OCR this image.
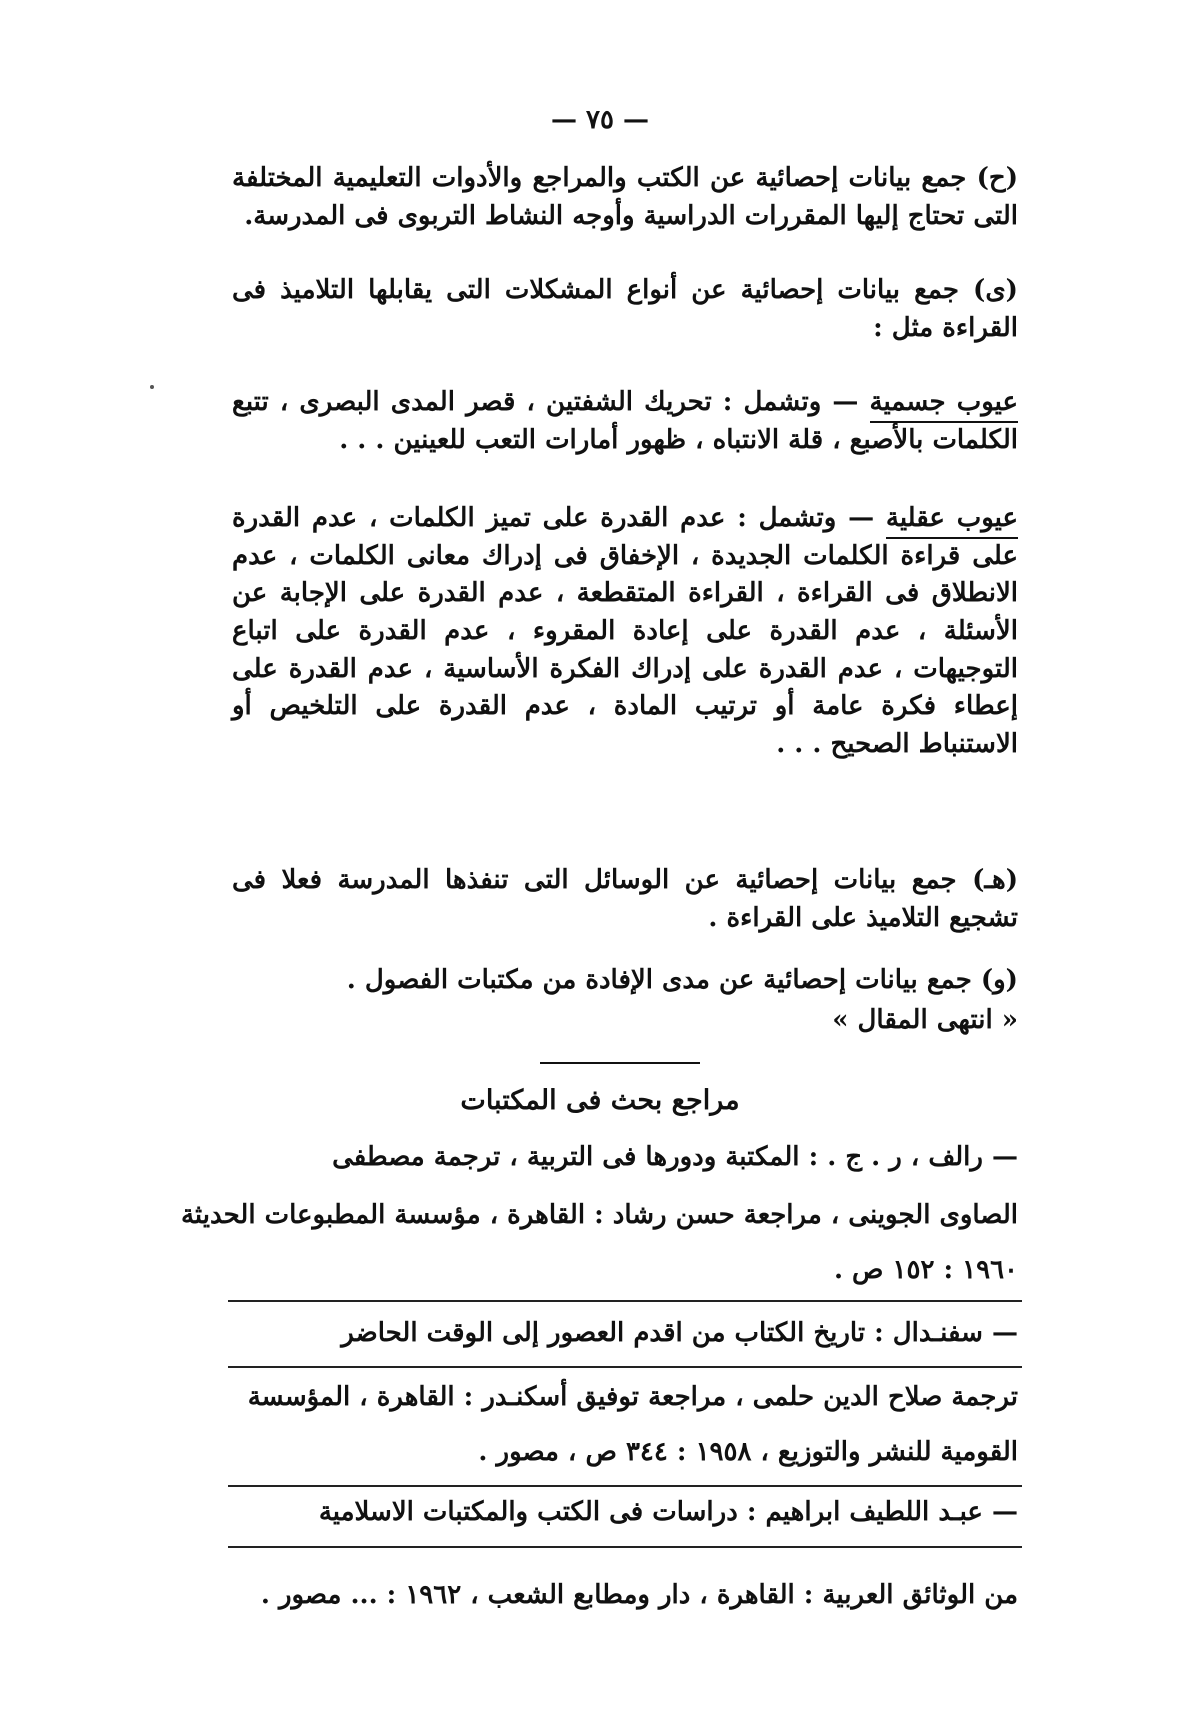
— ٧٥ —
(ح) جمع بيانات إحصائية عن الكتب والمراجع والأدوات التعليمية المختلفة التى تحتاج إليها المقررات الدراسية وأوجه النشاط التربوى فى المدرسة.
(ى) جمع بيانات إحصائية عن أنواع المشكلات التى يقابلها التلاميذ فى القراءة مثل :
عيوب جسمية — وتشمل : تحريك الشفتين ، قصر المدى البصرى ، تتبع الكلمات بالأصبع ، قلة الانتباه ، ظهور أمارات التعب للعينين . . .
عيوب عقلية — وتشمل : عدم القدرة على تميز الكلمات ، عدم القدرة على قراءة الكلمات الجديدة ، الإخفاق فى إدراك معانى الكلمات ، عدم الانطلاق فى القراءة ، القراءة المتقطعة ، عدم القدرة على الإجابة عن الأسئلة ، عدم القدرة على إعادة المقروء ، عدم القدرة على اتباع التوجيهات ، عدم القدرة على إدراك الفكرة الأساسية ، عدم القدرة على إعطاء فكرة عامة أو ترتيب المادة ، عدم القدرة على التلخيص أو الاستنباط الصحيح . . .
(هـ) جمع بيانات إحصائية عن الوسائل التى تنفذها المدرسة فعلا فى تشجيع التلاميذ على القراءة .
(و) جمع بيانات إحصائية عن مدى الإفادة من مكتبات الفصول .
« انتهى المقال »
مراجع بحث فى المكتبات
— رالف ، ر . ج . : المكتبة ودورها فى التربية ، ترجمة مصطفى
الصاوى الجوينى ، مراجعة حسن رشاد : القاهرة ، مؤسسة المطبوعات الحديثة
١٩٦٠ : ١٥٢ ص .
— سفنـدال : تاريخ الكتاب من اقدم العصور إلى الوقت الحاضر
ترجمة صلاح الدين حلمى ، مراجعة توفيق أسكنـدر : القاهرة ، المؤسسة
القومية للنشر والتوزيع ، ١٩٥٨ : ٣٤٤ ص ، مصور .
— عبـد اللطيف ابراهيم : دراسات فى الكتب والمكتبات الاسلامية
من الوثائق العربية : القاهرة ، دار ومطابع الشعب ، ١٩٦٢ : ... مصور .
